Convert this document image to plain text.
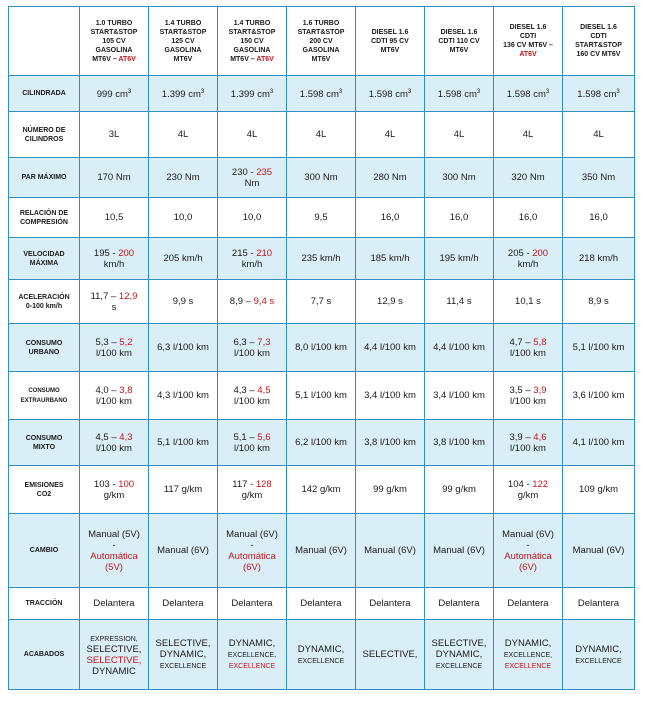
	1.0 TURBO
START&STOP
105 CV
GASOLINA
MT6V – AT6V	1.4 TURBO
START&STOP
125 CV
GASOLINA
MT6V	1.4 TURBO
START&STOP
150 CV
GASOLINA
MT6V – AT6V	1.6 TURBO
START&STOP
200 CV
GASOLINA
MT6V	DIESEL 1.6
CDTI 95 CV
MT6V	DIESEL 1.6
CDTI 110 CV
MT6V	DIESEL 1.6
CDTI
136 CV MT6V –
AT6V	DIESEL 1.6
CDTI
START&STOP
160 CV MT6V

CILINDRADA	999 $cm^3$	1.399 $cm^3$	1.399 $cm^3$	1.598 $cm^3$	1.598 $cm^3$	1.598 $cm^3$	1.598 $cm^3$	1.598 $cm^3$
NÚMERO DE
CILINDROS	3L	4L	4L	4L	4L	4L	4L	4L
PAR MÁXIMO	170 Nm	230 Nm	230 - 235
Nm	300 Nm	280 Nm	300 Nm	320 Nm	350 Nm
RELACIÓN DE
COMPRESIÓN	10,5	10,0	10,0	9,5	16,0	16,0	16,0	16,0
VELOCIDAD
MÁXIMA	195 - 200
km/h	205 km/h	215 - 210
km/h	235 km/h	185 km/h	195 km/h	205 - 200
km/h	218 km/h
ACELERACIÓN
0-100 km/h	11,7 – 12,9
s	9,9 s	8,9 – 9,4 s	7,7 s	12,9 s	11,4 s	10,1 s	8,9 s
CONSUMO
URBANO	5,3 – 5,2
l/100 km	6,3 l/100 km	6,3 – 7,3
l/100 km	8,0 l/100 km	4,4 l/100 km	4,4 l/100 km	4,7 – 5,8
l/100 km	5,1 l/100 km
CONSUMO
EXTRAURBANO	4,0 – 3,8
l/100 km	4,3 l/100 km	4,3 – 4,5
l/100 km	5,1 l/100 km	3,4 l/100 km	3,4 l/100 km	3,5 – 3,9
l/100 km	3,6 l/100 km
CONSUMO
MIXTO	4,5 – 4,3
l/100 km	5,1 l/100 km	5,1 – 5,6
l/100 km	6,2 l/100 km	3,8 l/100 km	3,8 l/100 km	3,9 – 4,6
l/100 km	4,1 l/100 km
EMISIONES
CO2	103 - 100
g/km	117 g/km	117 - 128
g/km	142 g/km	99 g/km	99 g/km	104 - 122
g/km	109 g/km
CAMBIO	Manual (5V)
-
Automática
(5V)	Manual (6V)	Manual (6V)
-
Automática
(6V)	Manual (6V)	Manual (6V)	Manual (6V)	Manual (6V)
-
Automática
(6V)	Manual (6V)
TRACCIÓN	Delantera	Delantera	Delantera	Delantera	Delantera	Delantera	Delantera	Delantera
ACABADOS	EXPRESSION,
SELECTIVE,
SELECTIVE,
DYNAMIC	SELECTIVE,
DYNAMIC,
EXCELLENCE	DYNAMIC,
EXCELLENCE,
EXCELLENCE	DYNAMIC,
EXCELLENCE	SELECTIVE,	SELECTIVE,
DYNAMIC,
EXCELLENCE	DYNAMIC,
EXCELLENCE,
EXCELLENCE	DYNAMIC,
EXCELLENCE
